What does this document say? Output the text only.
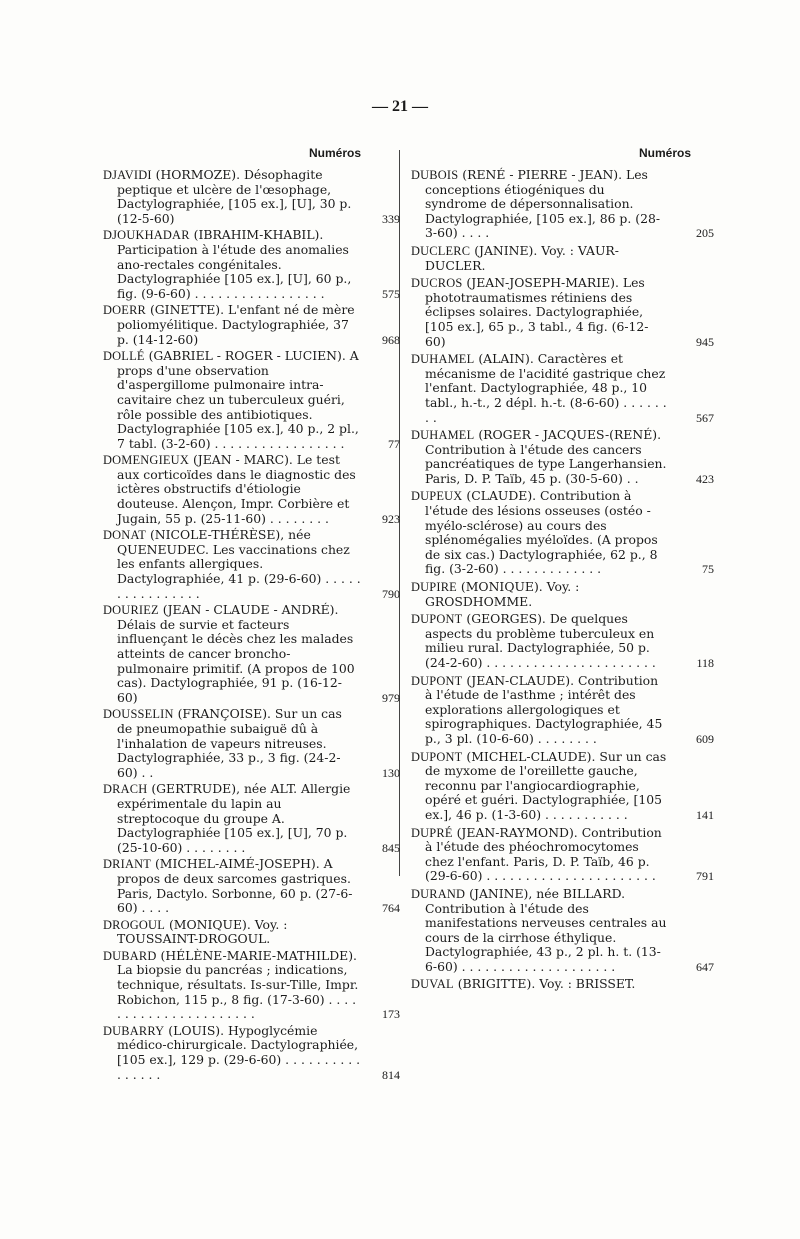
— 21 —
Numéros	Numéros

DJAVIDI (HORMOZE). Désophagite peptique et ulcère de l'œsophage, Dactylographiée, [105 ex.], [U], 30 p. (12-5-60)	339

DJOUKHADAR (IBRAHIM-KHABIL). Participation à l'étude des anomalies ano-rectales congénitales. Dactylographiée [105 ex.], [U], 60 p., fig. (9-6-60) . . . . . . . . . . . . . . . . .	575

DOERR (GINETTE). L'enfant né de mère poliomyélitique. Dactylographiée, 37 p. (14-12-60)	968

DOLLÉ (GABRIEL - ROGER - LUCIEN). A props d'une observation d'aspergillome pulmonaire intra-cavitaire chez un tuberculeux guéri, rôle possible des antibiotiques. Dactylographiée [105 ex.], 40 p., 2 pl., 7 tabl. (3-2-60) . . . . . . . . . . . . . . . . .	77

DOMENGIEUX (JEAN - MARC). Le test aux corticoïdes dans le diagnostic des ictères obstructifs d'étiologie douteuse. Alençon, Impr. Corbière et Jugain, 55 p. (25-11-60) . . . . . . . .	923

DONAT (NICOLE-THÉRÈSE), née QUENEUDEC. Les vaccinations chez les enfants allergiques. Dactylographiée, 41 p. (29-6-60) . . . . . . . . . . . . . . . .	790

DOURIEZ (JEAN - CLAUDE - ANDRÉ). Délais de survie et facteurs influençant le décès chez les malades atteints de cancer broncho-pulmonaire primitif. (A propos de 100 cas). Dactylographiée, 91 p. (16-12-60)	979

DOUSSELIN (FRANÇOISE). Sur un cas de pneumopathie subaiguë dû à l'inhalation de vapeurs nitreuses. Dactylographiée, 33 p., 3 fig. (24-2-60) . .	130

DRACH (GERTRUDE), née ALT. Allergie expérimentale du lapin au streptocoque du groupe A. Dactylographiée [105 ex.], [U], 70 p. (25-10-60) . . . . . . . .	845

DRIANT (MICHEL-AIMÉ-JOSEPH). A propos de deux sarcomes gastriques. Paris, Dactylo. Sorbonne, 60 p. (27-6-60) . . . .	764

DROGOUL (MONIQUE). Voy. : TOUSSAINT-DROGOUL.

DUBARD (HÉLÈNE-MARIE-MATHILDE). La biopsie du pancréas ; indications, technique, résultats. Is-sur-Tille, Impr. Robichon, 115 p., 8 fig. (17-3-60) . . . . . . . . . . . . . . . . . . . . . .	173

DUBARRY (LOUIS). Hypoglycémie médico-chirurgicale. Dactylographiée, [105 ex.], 129 p. (29-6-60) . . . . . . . . . . . . . . . .	814

DUBOIS (RENÉ - PIERRE - JEAN). Les conceptions étiogéniques du syndrome de dépersonnalisation. Dactylographiée, [105 ex.], 86 p. (28-3-60) . . . .	205

DUCLERC (JANINE). Voy. : VAUR-DUCLER.

DUCROS (JEAN-JOSEPH-MARIE). Les phototraumatismes rétiniens des éclipses solaires. Dactylographiée, [105 ex.], 65 p., 3 tabl., 4 fig. (6-12-60)	945

DUHAMEL (ALAIN). Caractères et mécanisme de l'acidité gastrique chez l'enfant. Dactylographiée, 48 p., 10 tabl., h.-t., 2 dépl. h.-t. (8-6-60) . . . . . . . .	567

DUHAMEL (ROGER - JACQUES-(RENÉ). Contribution à l'étude des cancers pancréatiques de type Langerhansien. Paris, D. P. Taïb, 45 p. (30-5-60) . .	423

DUPEUX (CLAUDE). Contribution à l'étude des lésions osseuses (ostéo - myélo-sclérose) au cours des splénomégalies myéloïdes. (A propos de six cas.) Dactylographiée, 62 p., 8 fig. (3-2-60) . . . . . . . . . . . . .	75

DUPIRE (MONIQUE). Voy. : GROSDHOMME.

DUPONT (GEORGES). De quelques aspects du problème tuberculeux en milieu rural. Dactylographiée, 50 p. (24-2-60) . . . . . . . . . . . . . . . . . . . . . .	118

DUPONT (JEAN-CLAUDE). Contribution à l'étude de l'asthme ; intérêt des explorations allergologiques et spirographiques. Dactylographiée, 45 p., 3 pl. (10-6-60) . . . . . . . .	609

DUPONT (MICHEL-CLAUDE). Sur un cas de myxome de l'oreillette gauche, reconnu par l'angiocardiographie, opéré et guéri. Dactylographiée, [105 ex.], 46 p. (1-3-60) . . . . . . . . . . .	141

DUPRÉ (JEAN-RAYMOND). Contribution à l'étude des phéochromocytomes chez l'enfant. Paris, D. P. Taïb, 46 p. (29-6-60) . . . . . . . . . . . . . . . . . . . . . .	791

DURAND (JANINE), née BILLARD. Contribution à l'étude des manifestations nerveuses centrales au cours de la cirrhose éthylique. Dactylographiée, 43 p., 2 pl. h. t. (13-6-60) . . . . . . . . . . . . . . . . . . . .	647

DUVAL (BRIGITTE). Voy. : BRISSET.
